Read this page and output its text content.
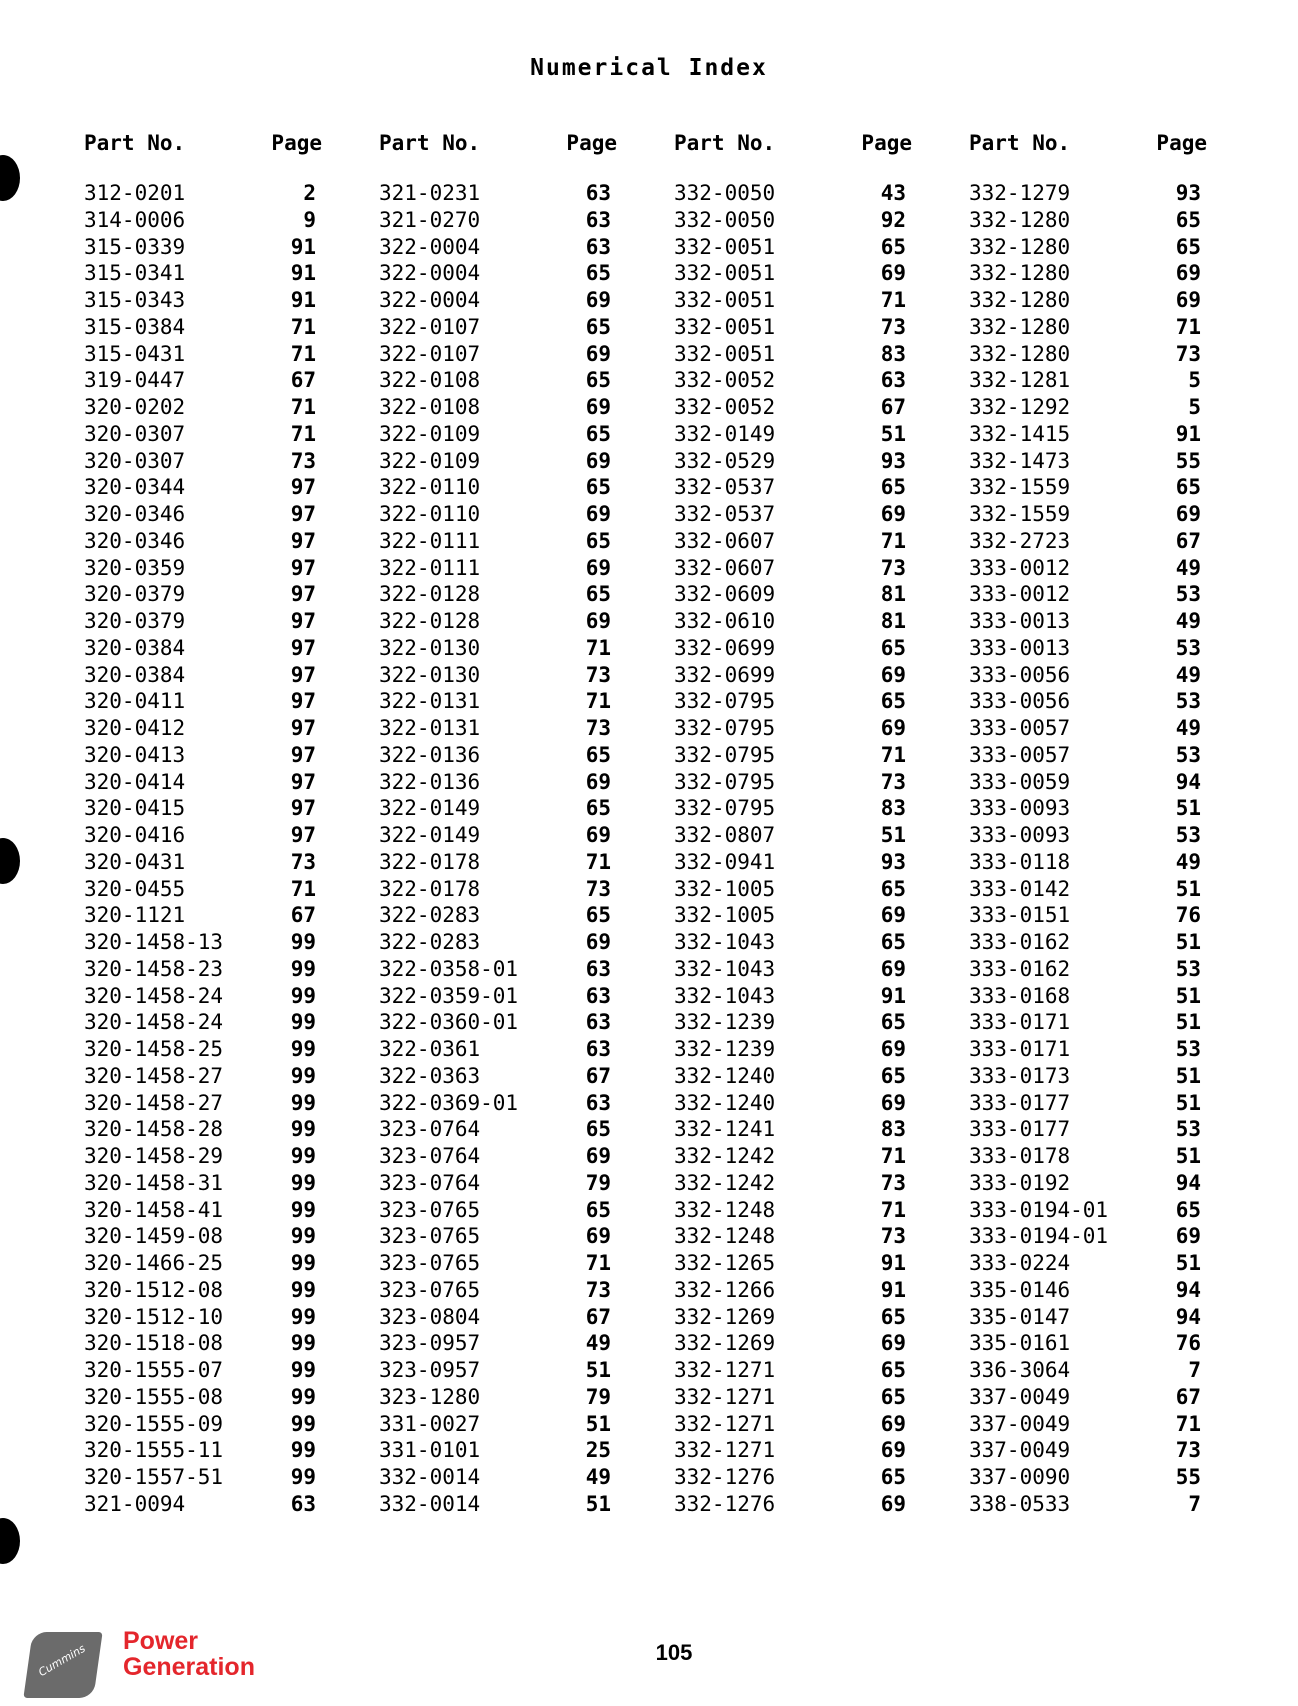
Numerical Index
Part No.	Page
312-0201	2
314-0006	9
315-0339	91
315-0341	91
315-0343	91
315-0384	71
315-0431	71
319-0447	67
320-0202	71
320-0307	71
320-0307	73
320-0344	97
320-0346	97
320-0346	97
320-0359	97
320-0379	97
320-0379	97
320-0384	97
320-0384	97
320-0411	97
320-0412	97
320-0413	97
320-0414	97
320-0415	97
320-0416	97
320-0431	73
320-0455	71
320-1121	67
320-1458-13	99
320-1458-23	99
320-1458-24	99
320-1458-24	99
320-1458-25	99
320-1458-27	99
320-1458-27	99
320-1458-28	99
320-1458-29	99
320-1458-31	99
320-1458-41	99
320-1459-08	99
320-1466-25	99
320-1512-08	99
320-1512-10	99
320-1518-08	99
320-1555-07	99
320-1555-08	99
320-1555-09	99
320-1555-11	99
320-1557-51	99
321-0094	63
Part No.	Page
321-0231	63
321-0270	63
322-0004	63
322-0004	65
322-0004	69
322-0107	65
322-0107	69
322-0108	65
322-0108	69
322-0109	65
322-0109	69
322-0110	65
322-0110	69
322-0111	65
322-0111	69
322-0128	65
322-0128	69
322-0130	71
322-0130	73
322-0131	71
322-0131	73
322-0136	65
322-0136	69
322-0149	65
322-0149	69
322-0178	71
322-0178	73
322-0283	65
322-0283	69
322-0358-01	63
322-0359-01	63
322-0360-01	63
322-0361	63
322-0363	67
322-0369-01	63
323-0764	65
323-0764	69
323-0764	79
323-0765	65
323-0765	69
323-0765	71
323-0765	73
323-0804	67
323-0957	49
323-0957	51
323-1280	79
331-0027	51
331-0101	25
332-0014	49
332-0014	51
Part No.	Page
332-0050	43
332-0050	92
332-0051	65
332-0051	69
332-0051	71
332-0051	73
332-0051	83
332-0052	63
332-0052	67
332-0149	51
332-0529	93
332-0537	65
332-0537	69
332-0607	71
332-0607	73
332-0609	81
332-0610	81
332-0699	65
332-0699	69
332-0795	65
332-0795	69
332-0795	71
332-0795	73
332-0795	83
332-0807	51
332-0941	93
332-1005	65
332-1005	69
332-1043	65
332-1043	69
332-1043	91
332-1239	65
332-1239	69
332-1240	65
332-1240	69
332-1241	83
332-1242	71
332-1242	73
332-1248	71
332-1248	73
332-1265	91
332-1266	91
332-1269	65
332-1269	69
332-1271	65
332-1271	65
332-1271	69
332-1271	69
332-1276	65
332-1276	69
Part No.	Page
332-1279	93
332-1280	65
332-1280	65
332-1280	69
332-1280	69
332-1280	71
332-1280	73
332-1281	5
332-1292	5
332-1415	91
332-1473	55
332-1559	65
332-1559	69
332-2723	67
333-0012	49
333-0012	53
333-0013	49
333-0013	53
333-0056	49
333-0056	53
333-0057	49
333-0057	53
333-0059	94
333-0093	51
333-0093	53
333-0118	49
333-0142	51
333-0151	76
333-0162	51
333-0162	53
333-0168	51
333-0171	51
333-0171	53
333-0173	51
333-0177	51
333-0177	53
333-0178	51
333-0192	94
333-0194-01	65
333-0194-01	69
333-0224	51
335-0146	94
335-0147	94
335-0161	76
336-3064	7
337-0049	67
337-0049	71
337-0049	73
337-0090	55
338-0533	7
Cummins
Power
Generation
105
